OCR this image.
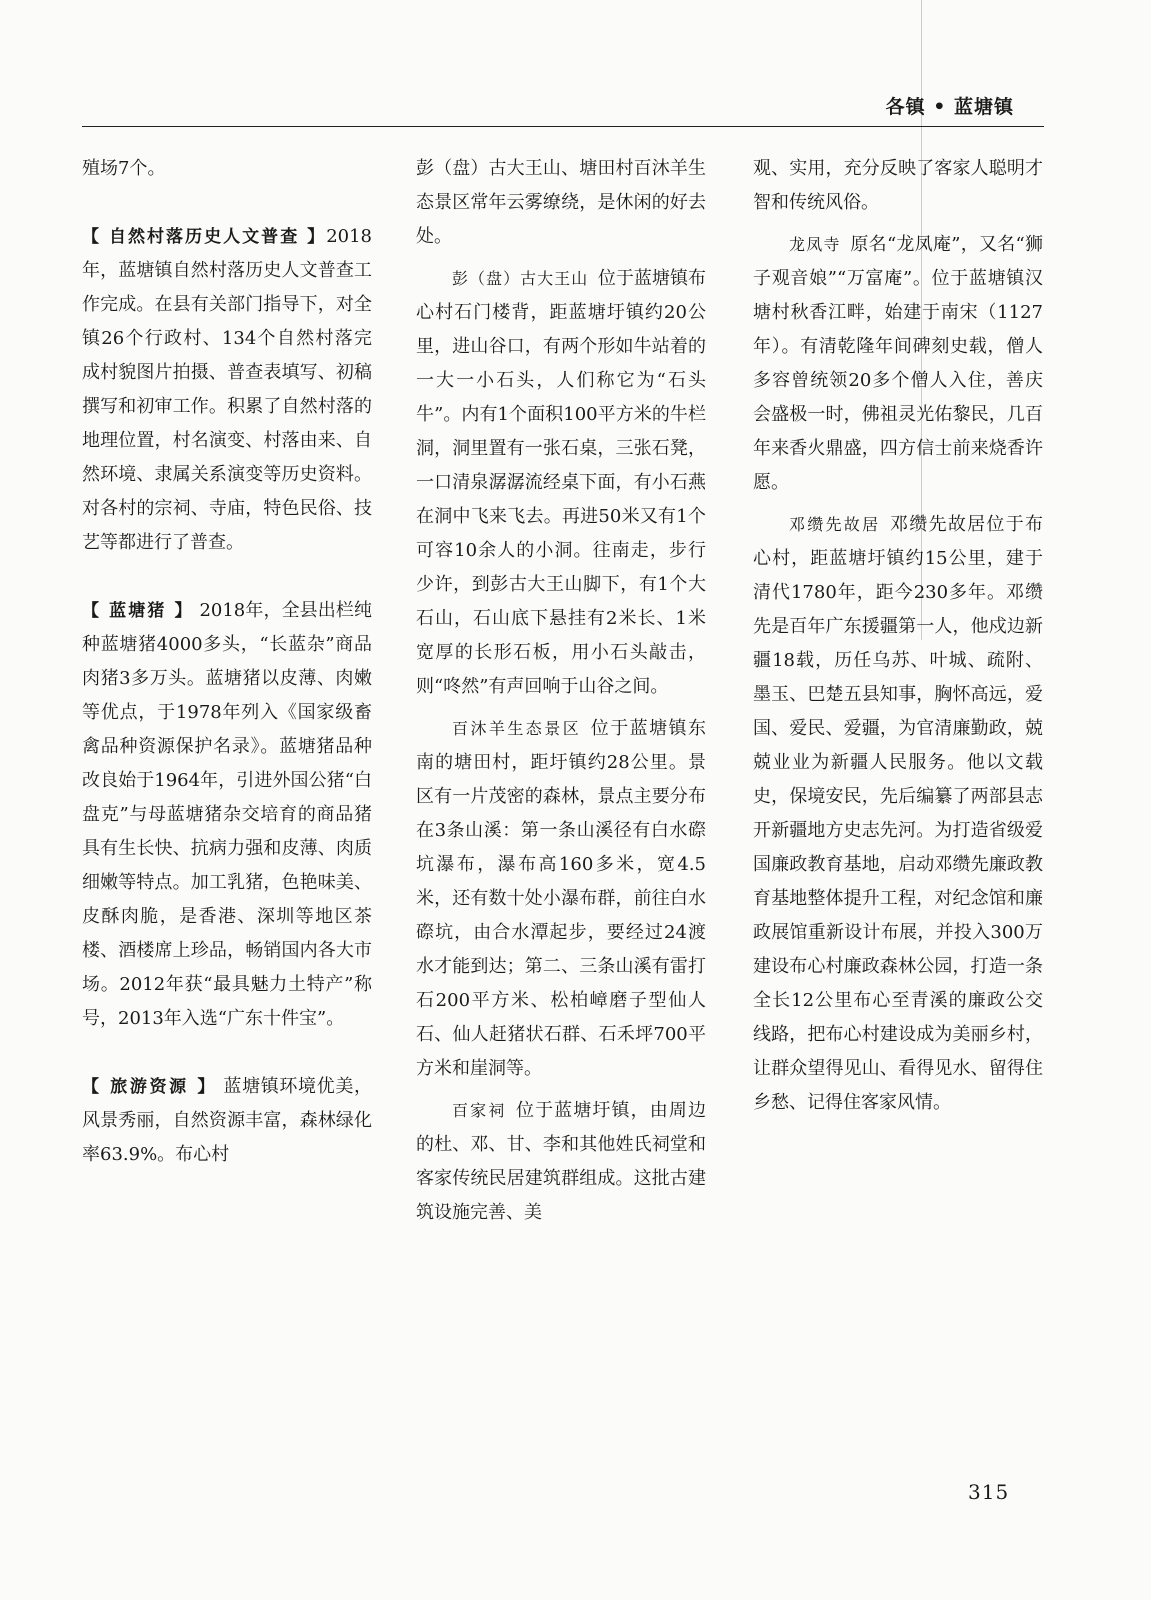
各镇 • 蓝塘镇

殖场7个。

【 自然村落历史人文普查 】2018年，蓝塘镇自然村落历史人文普查工作完成。在县有关部门指导下，对全镇26个行政村、134个自然村落完成村貌图片拍摄、普查表填写、初稿撰写和初审工作。积累了自然村落的地理位置，村名演变、村落由来、自然环境、隶属关系演变等历史资料。对各村的宗祠、寺庙，特色民俗、技艺等都进行了普查。

【 蓝塘猪 】 2018年，全县出栏纯种蓝塘猪4000多头，“长蓝杂”商品肉猪3多万头。蓝塘猪以皮薄、肉嫩等优点，于1978年列入《国家级畜禽品种资源保护名录》。蓝塘猪品种改良始于1964年，引进外国公猪“白盘克”与母蓝塘猪杂交培育的商品猪具有生长快、抗病力强和皮薄、肉质细嫩等特点。加工乳猪，色艳味美、皮酥肉脆，是香港、深圳等地区茶楼、酒楼席上珍品，畅销国内各大市场。2012年获“最具魅力土特产”称号，2013年入选“广东十件宝”。

【 旅游资源 】 蓝塘镇环境优美，风景秀丽，自然资源丰富，森林绿化率63.9%。布心村

彭（盘）古大王山、塘田村百沐羊生态景区常年云雾缭绕，是休闲的好去处。

彭（盘）古大王山 位于蓝塘镇布心村石门楼背，距蓝塘圩镇约20公里，进山谷口，有两个形如牛站着的一大一小石头，人们称它为“石头牛”。内有1个面积100平方米的牛栏洞，洞里置有一张石桌，三张石凳，一口清泉潺潺流经桌下面，有小石燕在洞中飞来飞去。再进50米又有1个可容10余人的小洞。往南走，步行少许，到彭古大王山脚下，有1个大石山，石山底下悬挂有2米长、1米宽厚的长形石板，用小石头敲击，则“咚然”有声回响于山谷之间。

百沐羊生态景区 位于蓝塘镇东南的塘田村，距圩镇约28公里。景区有一片茂密的森林，景点主要分布在3条山溪：第一条山溪径有白水磜坑瀑布，瀑布高160多米，宽4.5米，还有数十处小瀑布群，前往白水磜坑，由合水潭起步，要经过24渡水才能到达；第二、三条山溪有雷打石200平方米、松柏嶂磨子型仙人石、仙人赶猪状石群、石禾坪700平方米和崖洞等。

百家祠 位于蓝塘圩镇，由周边的杜、邓、甘、李和其他姓氏祠堂和客家传统民居建筑群组成。这批古建筑设施完善、美

观、实用，充分反映了客家人聪明才智和传统风俗。

龙凤寺 原名“龙凤庵”，又名“狮子观音娘”“万富庵”。位于蓝塘镇汉塘村秋香江畔，始建于南宋（1127年）。有清乾隆年间碑刻史载，僧人多容曾统领20多个僧人入住，善庆会盛极一时，佛祖灵光佑黎民，几百年来香火鼎盛，四方信士前来烧香许愿。

邓缵先故居 邓缵先故居位于布心村，距蓝塘圩镇约15公里，建于清代1780年，距今230多年。邓缵先是百年广东援疆第一人，他戍边新疆18载，历任乌苏、叶城、疏附、墨玉、巴楚五县知事，胸怀高远，爱国、爱民、爱疆，为官清廉勤政，兢兢业业为新疆人民服务。他以文载史，保境安民，先后编纂了两部县志开新疆地方史志先河。为打造省级爱国廉政教育基地，启动邓缵先廉政教育基地整体提升工程，对纪念馆和廉政展馆重新设计布展，并投入300万建设布心村廉政森林公园，打造一条全长12公里布心至青溪的廉政公交线路，把布心村建设成为美丽乡村，让群众望得见山、看得见水、留得住乡愁、记得住客家风情。

315
